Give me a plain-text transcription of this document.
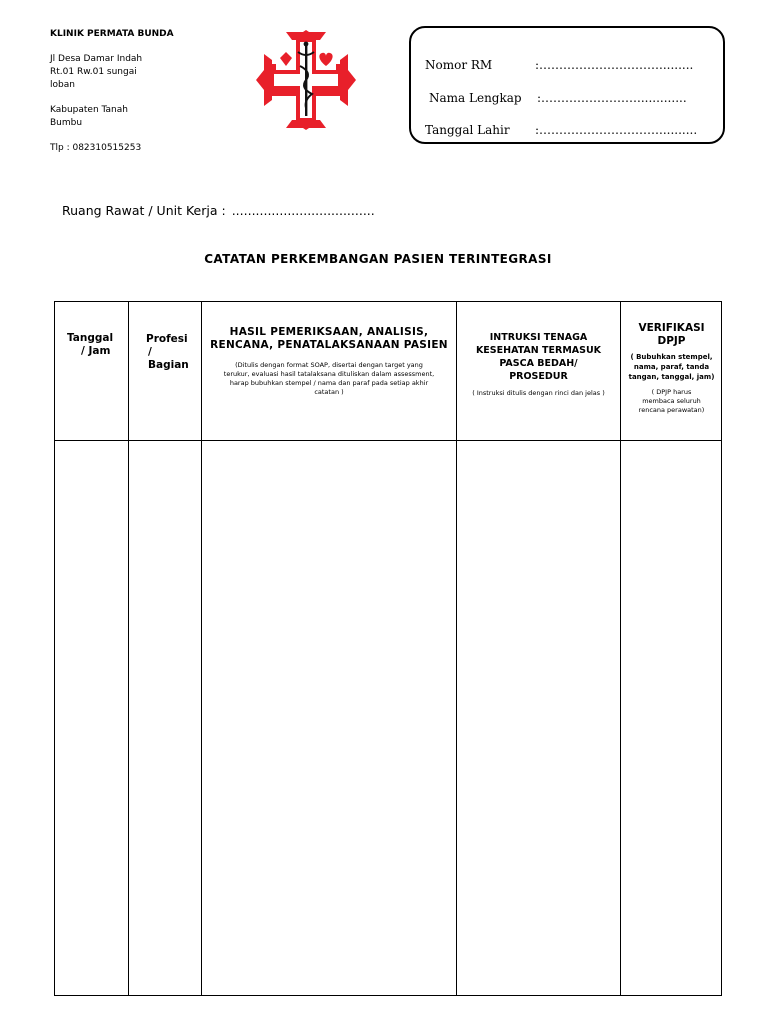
KLINIK PERMATA BUNDA
Jl Desa Damar Indah
Rt.01 Rw.01 sungai
loban
Kabupaten Tanah
Bumbu
Tlp : 082310515253
Nomor RM	:………………………….........
Nama Lengkap :…………………….............
Tanggal Lahir :…………………………..........
Ruang Rawat / Unit Kerja : ....................................
CATATAN PERKEMBANGAN PASIEN TERINTEGRASI
Tanggal
/ Jam
Profesi
/
Bagian
HASIL PEMERIKSAAN, ANALISIS,
RENCANA, PENATALAKSANAAN PASIEN
(Ditulis dengan format SOAP, disertai dengan target yang
terukur, evaluasi hasil tatalaksana dituliskan dalam assessment,
harap bubuhkan stempel / nama dan paraf pada setiap akhir
catatan )
INTRUKSI TENAGA
KESEHATAN TERMASUK
PASCA BEDAH/
PROSEDUR
( Instruksi ditulis dengan rinci dan jelas )
VERIFIKASI
DPJP
( Bubuhkan stempel,
nama, paraf, tanda
tangan, tanggal, jam)
( DPJP harus
membaca seluruh
rencana perawatan)
